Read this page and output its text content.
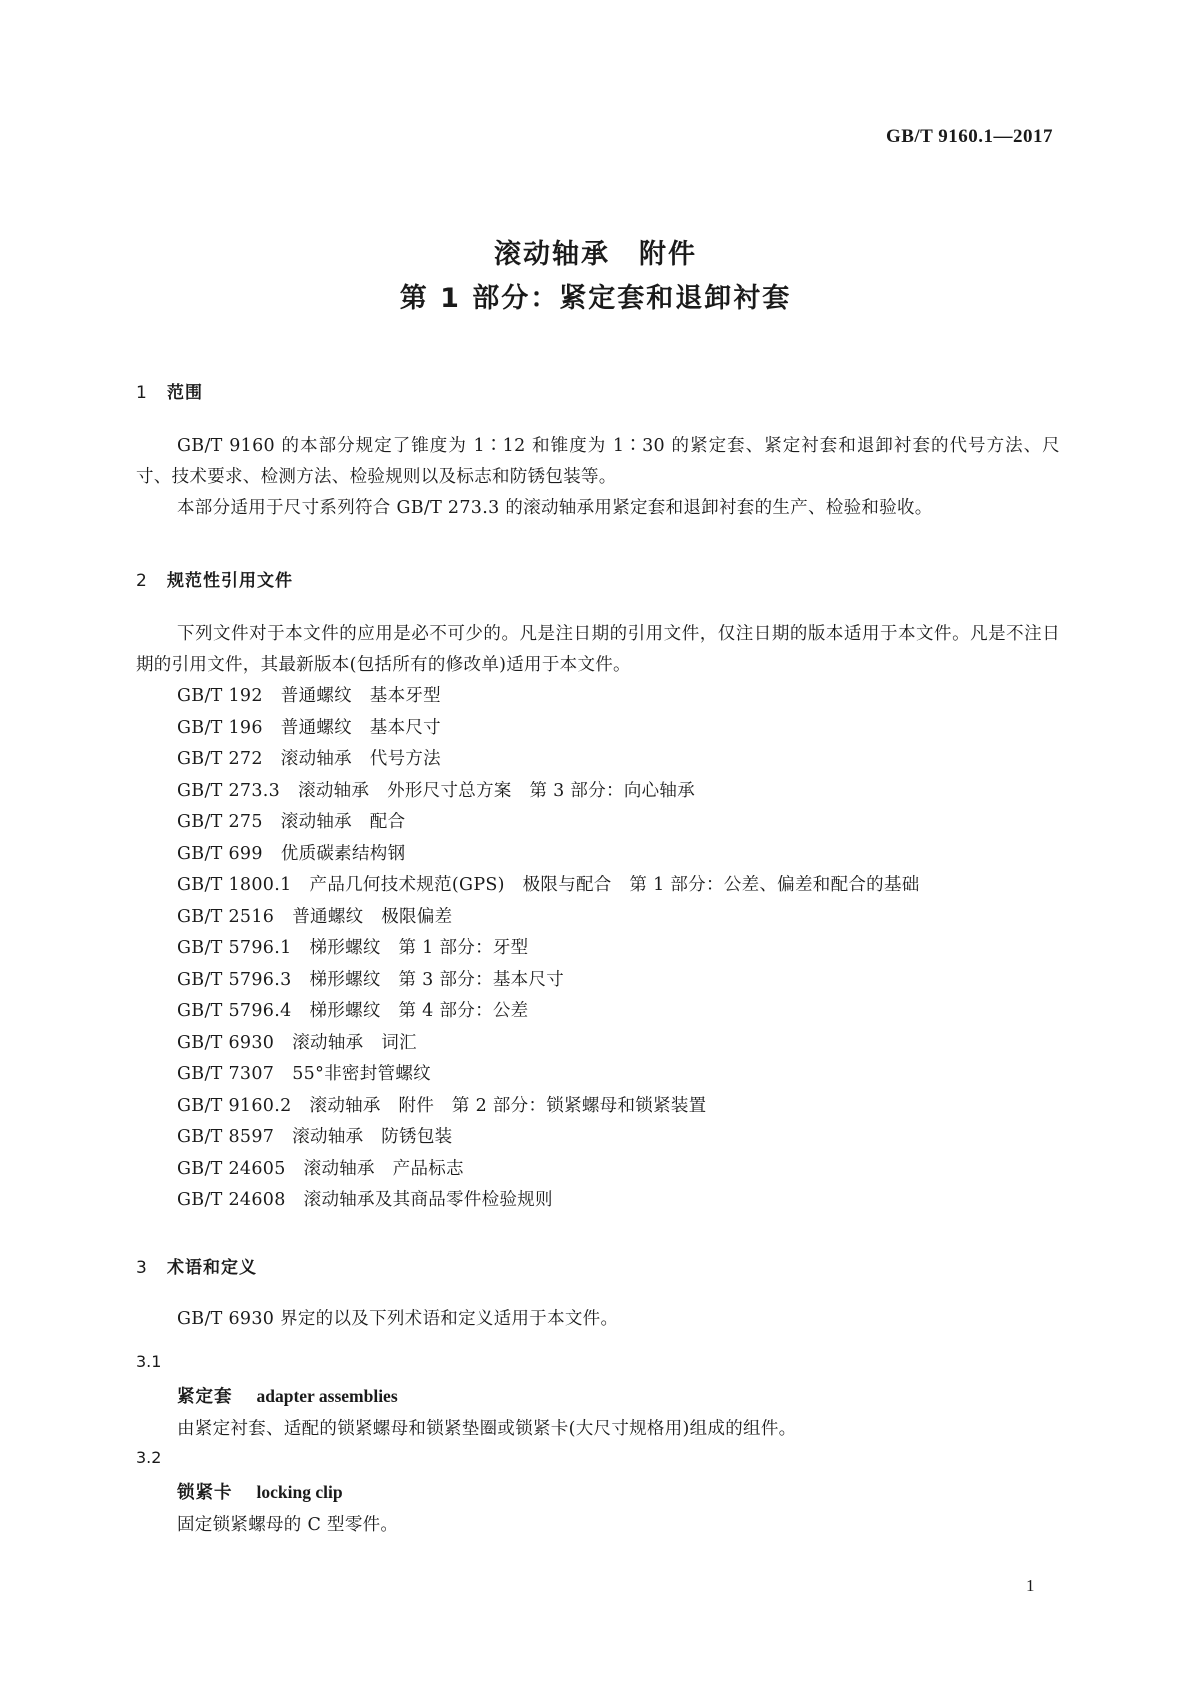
GB/T 9160.1—2017
滚动轴承　附件
第 1 部分：紧定套和退卸衬套
1 范围

GB/T 9160 的本部分规定了锥度为 1∶12 和锥度为 1∶30 的紧定套、紧定衬套和退卸衬套的代号方法、尺寸、技术要求、检测方法、检验规则以及标志和防锈包装等。

本部分适用于尺寸系列符合 GB/T 273.3 的滚动轴承用紧定套和退卸衬套的生产、检验和验收。

2 规范性引用文件

下列文件对于本文件的应用是必不可少的。凡是注日期的引用文件，仅注日期的版本适用于本文件。凡是不注日期的引用文件，其最新版本(包括所有的修改单)适用于本文件。

GB/T 192 普通螺纹　基本牙型
GB/T 196 普通螺纹　基本尺寸
GB/T 272 滚动轴承　代号方法
GB/T 273.3 滚动轴承　外形尺寸总方案　第 3 部分：向心轴承
GB/T 275 滚动轴承　配合
GB/T 699 优质碳素结构钢
GB/T 1800.1 产品几何技术规范(GPS)　极限与配合　第 1 部分：公差、偏差和配合的基础
GB/T 2516 普通螺纹　极限偏差
GB/T 5796.1 梯形螺纹　第 1 部分：牙型
GB/T 5796.3 梯形螺纹　第 3 部分：基本尺寸
GB/T 5796.4 梯形螺纹　第 4 部分：公差
GB/T 6930 滚动轴承　词汇
GB/T 7307 55°非密封管螺纹
GB/T 9160.2 滚动轴承　附件　第 2 部分：锁紧螺母和锁紧装置
GB/T 8597 滚动轴承　防锈包装
GB/T 24605 滚动轴承　产品标志
GB/T 24608 滚动轴承及其商品零件检验规则
3 术语和定义

GB/T 6930 界定的以及下列术语和定义适用于本文件。

3.1
紧定套 adapter assemblies
由紧定衬套、适配的锁紧螺母和锁紧垫圈或锁紧卡(大尺寸规格用)组成的组件。
3.2
锁紧卡 locking clip
固定锁紧螺母的 C 型零件。
1
